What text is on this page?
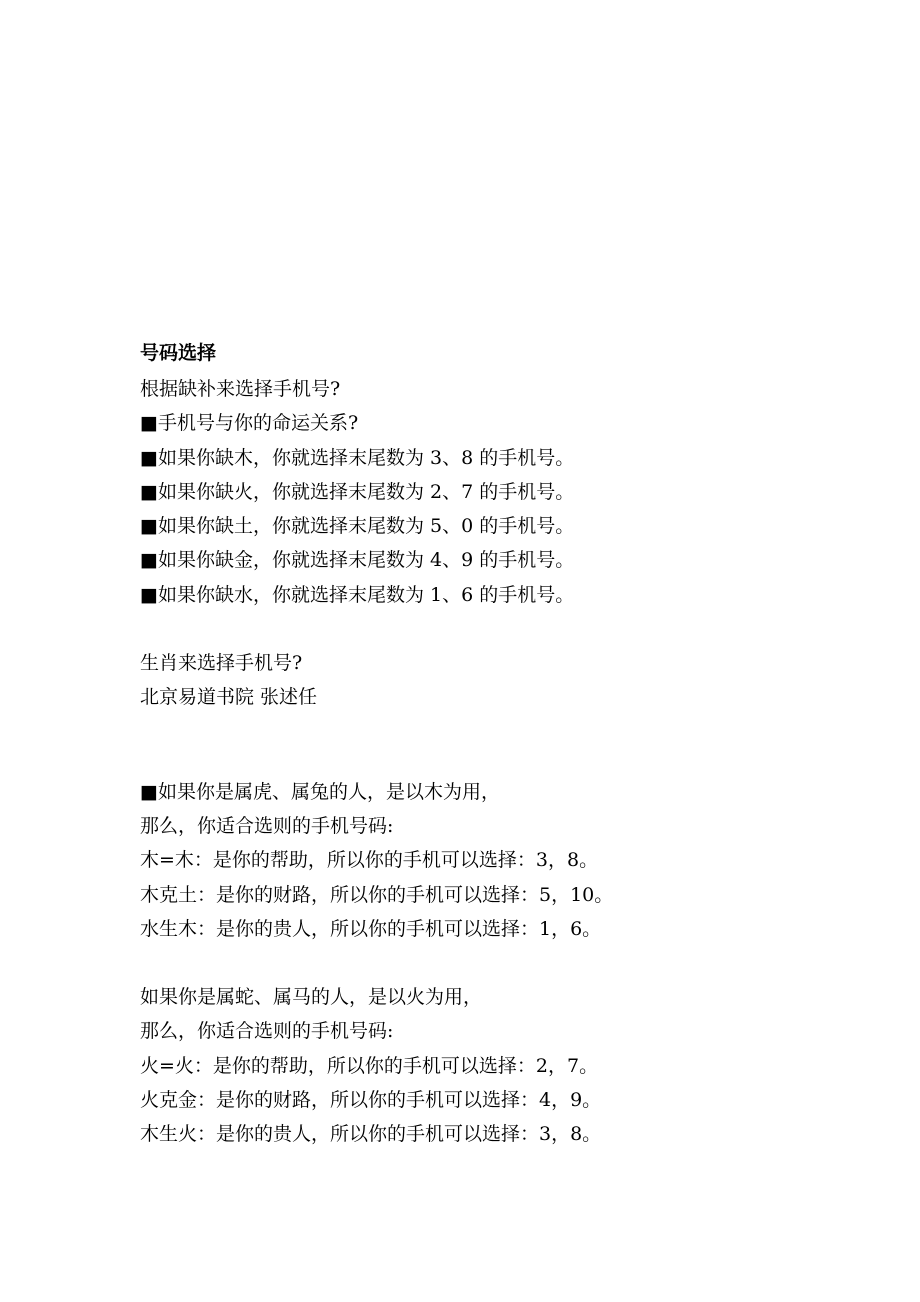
号码选择
根据缺补来选择手机号?
■手机号与你的命运关系?
■如果你缺木，你就选择末尾数为 3、8 的手机号。
■如果你缺火，你就选择末尾数为 2、7 的手机号。
■如果你缺土，你就选择末尾数为 5、0 的手机号。
■如果你缺金，你就选择末尾数为 4、9 的手机号。
■如果你缺水，你就选择末尾数为 1、6 的手机号。
生肖来选择手机号?
北京易道书院 张述任
■如果你是属虎、属兔的人，是以木为用，
那么，你适合选则的手机号码:
木=木：是你的帮助，所以你的手机可以选择：3，8。
木克土：是你的财路，所以你的手机可以选择：5，10。
水生木：是你的贵人，所以你的手机可以选择：1，6。
如果你是属蛇、属马的人，是以火为用，
那么，你适合选则的手机号码:
火=火：是你的帮助，所以你的手机可以选择：2，7。
火克金：是你的财路，所以你的手机可以选择：4，9。
木生火：是你的贵人，所以你的手机可以选择：3，8。
